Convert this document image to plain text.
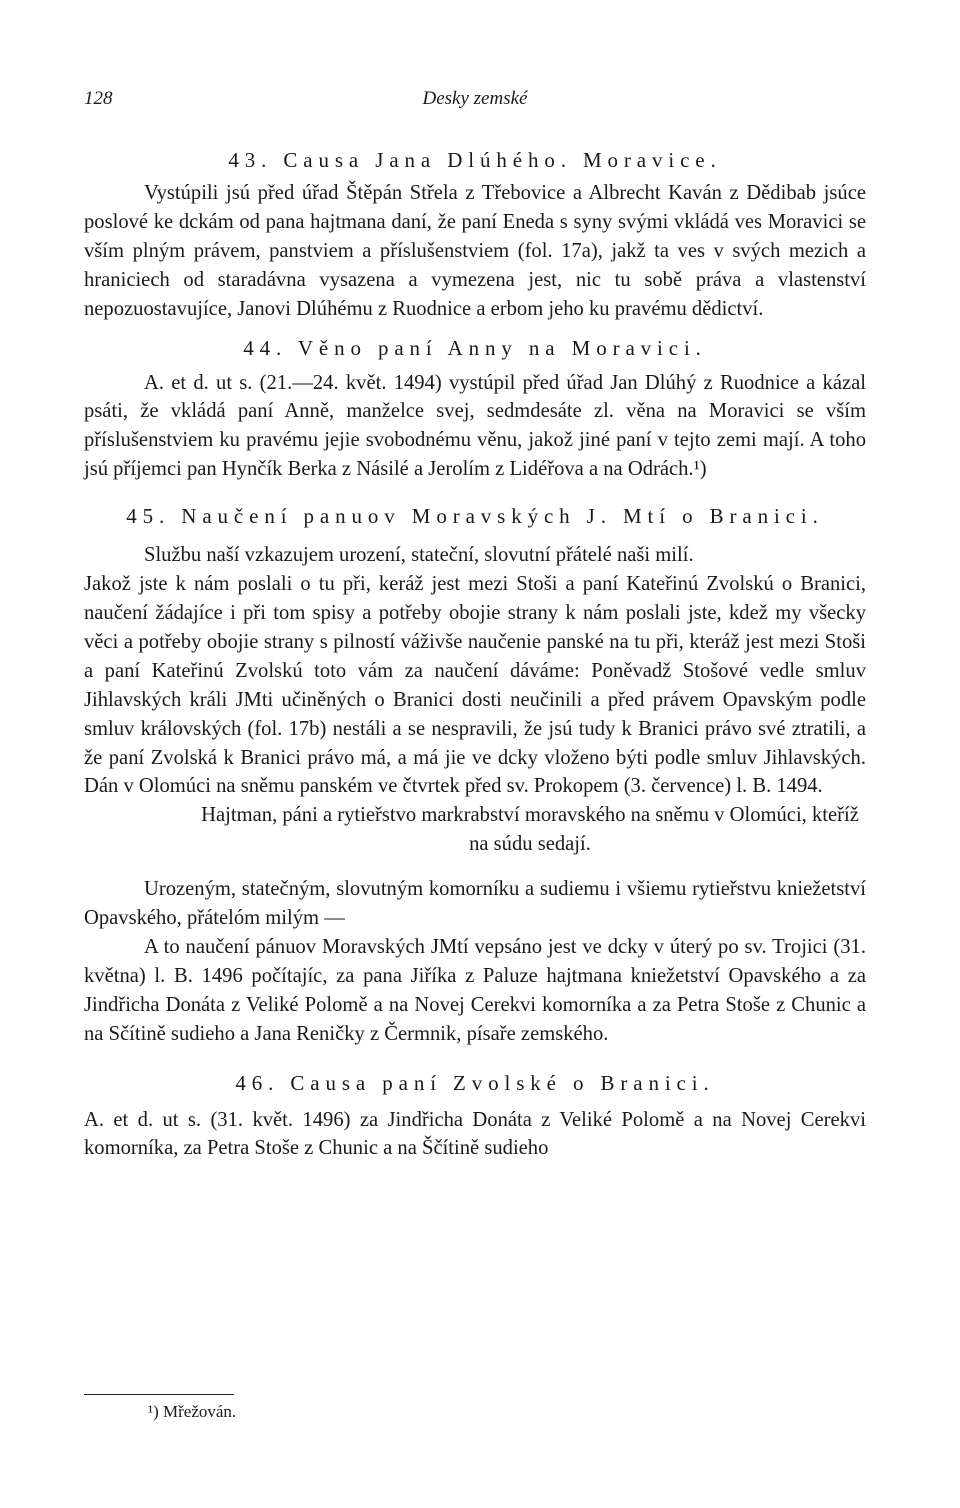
128	Desky zemské
43. Causa Jana Dlúhého. Moravice.

Vystúpili jsú před úřad Štěpán Střela z Třebovice a Albrecht Kaván z Dědibab jsúce poslové ke dckám od pana hajtmana daní, že paní Eneda s syny svými vkládá ves Moravici se vším plným právem, panstviem a příslušenstviem (fol. 17a), jakž ta ves v svých mezich a hraniciech od staradávna vysazena a vymezena jest, nic tu sobě práva a vlastenství nepozuostavujíce, Janovi Dlúhému z Ruodnice a erbom jeho ku pravému dědictví.

44. Věno paní Anny na Moravici.

A. et d. ut s. (21.—24. květ. 1494) vystúpil před úřad Jan Dlúhý z Ruodnice a kázal psáti, že vkládá paní Anně, manželce svej, sedmdesáte zl. věna na Moravici se vším příslušenstviem ku pravému jejie svobodnému věnu, jakož jiné paní v tejto zemi mají. A toho jsú příjemci pan Hynčík Berka z Násilé a Jerolím z Lidéřova a na Odrách.¹)

45. Naučení panuov Moravských J. Mtí o Branici.

Službu naší vzkazujem urození, stateční, slovutní přátelé naši milí.

Jakož jste k nám poslali o tu při, keráž jest mezi Stoši a paní Kateřinú Zvolskú o Branici, naučení žádajíce i při tom spisy a potřeby obojie strany k nám poslali jste, kdež my všecky věci a potřeby obojie strany s pilností váživše naučenie panské na tu při, kteráž jest mezi Stoši a paní Kateřinú Zvolskú toto vám za naučení dáváme: Poněvadž Stošové vedle smluv Jihlavských králi JMti učiněných o Branici dosti neučinili a před právem Opavským podle smluv královských (fol. 17b) nestáli a se nespravili, že jsú tudy k Branici právo své ztratili, a že paní Zvolská k Branici právo má, a má jie ve dcky vloženo býti podle smluv Jihlavských. Dán v Olomúci na sněmu panském ve čtvrtek před sv. Prokopem (3. července) l. B. 1494.

Hajtman, páni a rytieřstvo markrabství moravského na sněmu v Olomúci, kteříž na súdu sedají.

Urozeným, statečným, slovutným komorníku a sudiemu i všiemu rytieřstvu kniežetství Opavského, přátelóm milým —

A to naučení pánuov Moravských JMtí vepsáno jest ve dcky v úterý po sv. Trojici (31. května) l. B. 1496 počítajíc, za pana Jiříka z Paluze hajtmana kniežetství Opavského a za Jindřicha Donáta z Veliké Polomě a na Novej Cerekvi komorníka a za Petra Stoše z Chunic a na Sčítině sudieho a Jana Reničky z Čermnik, písaře zemského.

46. Causa paní Zvolské o Branici.

A. et d. ut s. (31. květ. 1496) za Jindřicha Donáta z Veliké Polomě a na Novej Cerekvi komorníka, za Petra Stoše z Chunic a na Ščítině sudieho

¹) Mřežován.
